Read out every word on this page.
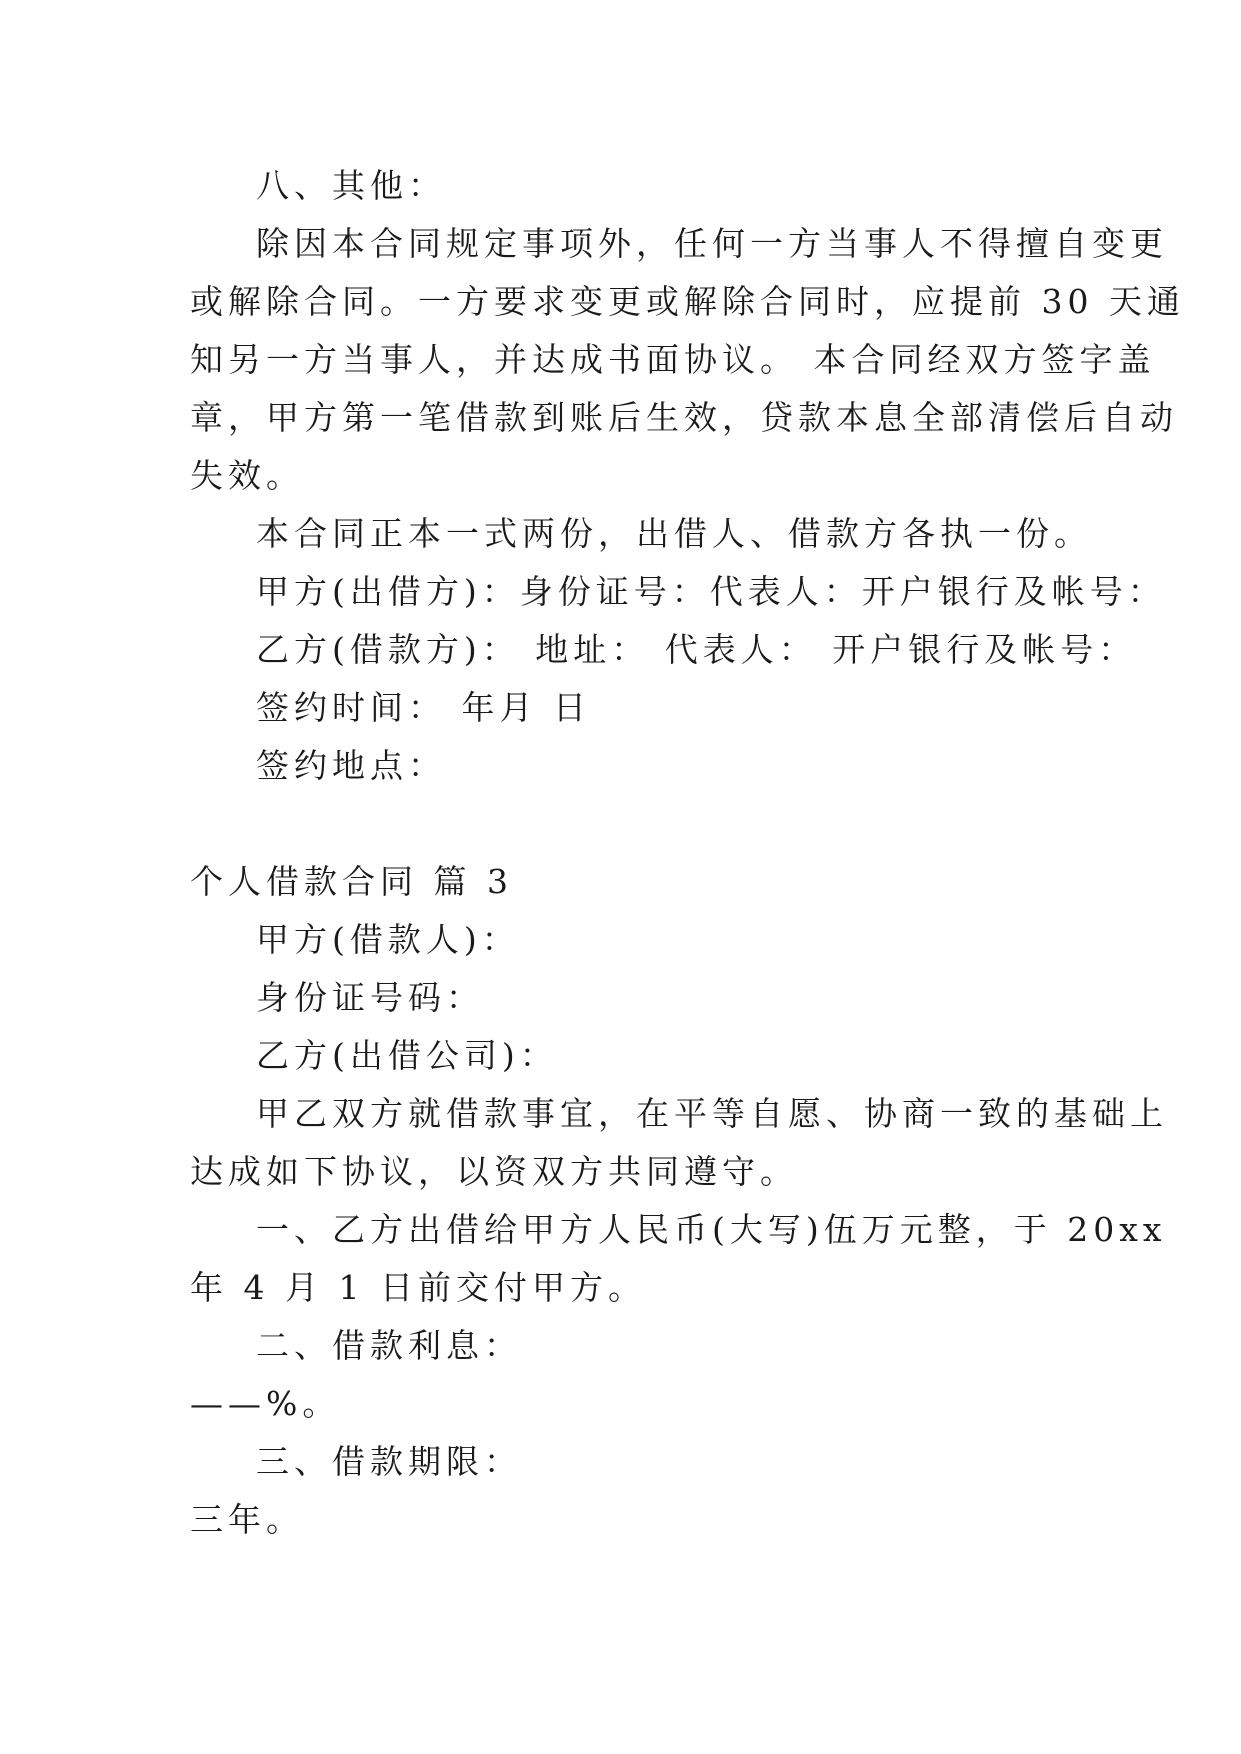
八、其他：

除因本合同规定事项外，任何一方当事人不得擅自变更

或解除合同。一方要求变更或解除合同时，应提前 30 天通

知另一方当事人，并达成书面协议。 本合同经双方签字盖

章，甲方第一笔借款到账后生效，贷款本息全部清偿后自动

失效。

本合同正本一式两份，出借人、借款方各执一份。

甲方(出借方)：身份证号：代表人：开户银行及帐号：

乙方(借款方)： 地址： 代表人： 开户银行及帐号：

签约时间： 年月 日

签约地点：

个人借款合同 篇 3

甲方(借款人)：

身份证号码：

乙方(出借公司)：

甲乙双方就借款事宜，在平等自愿、协商一致的基础上

达成如下协议，以资双方共同遵守。

一、乙方出借给甲方人民币(大写)伍万元整，于 20xx

年 4 月 1 日前交付甲方。

二、借款利息：

——%。

三、借款期限：

三年。
